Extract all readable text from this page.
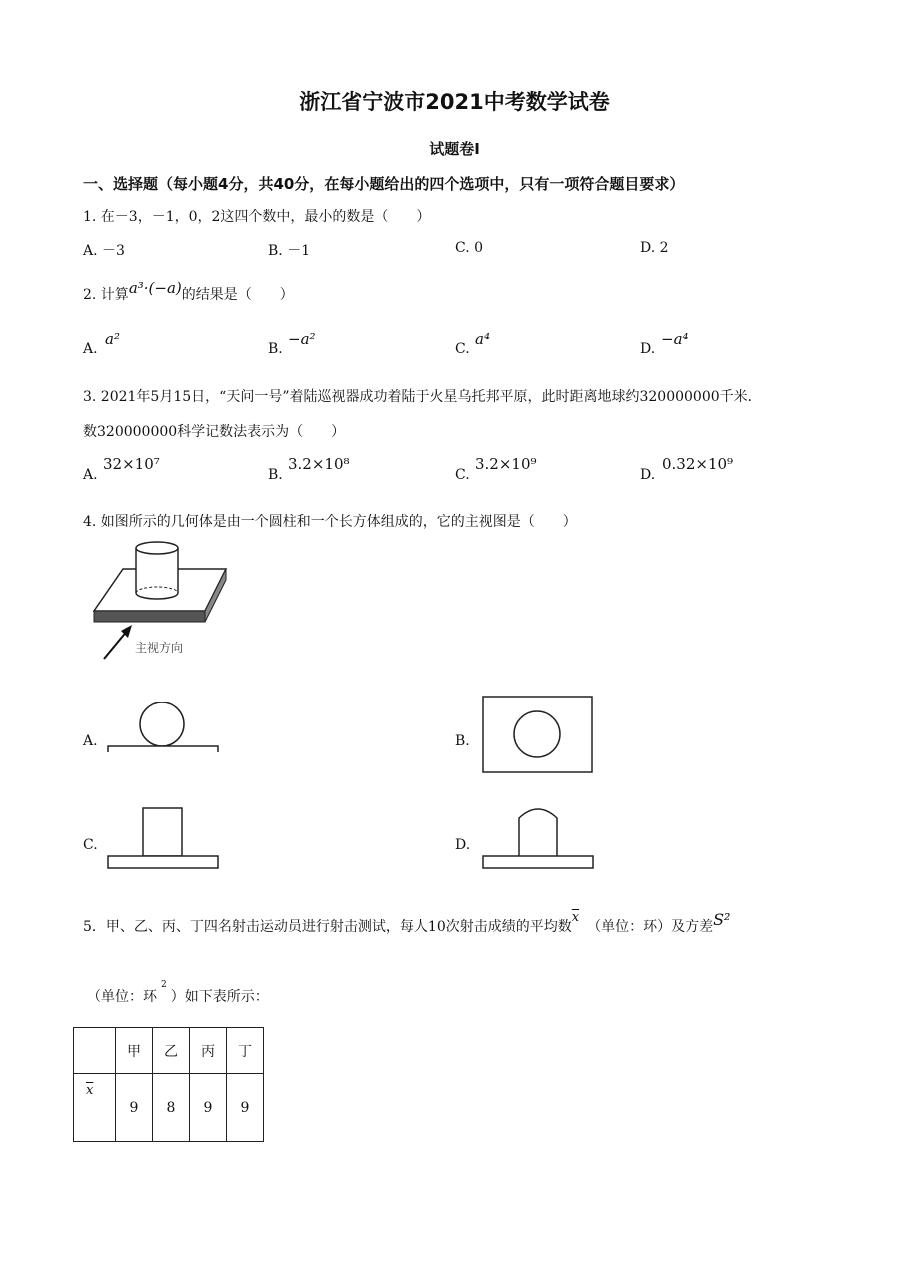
浙江省宁波市2021中考数学试卷
试题卷I
一、选择题（每小题4分，共40分，在每小题给出的四个选项中，只有一项符合题目要求）
1. 在－3，－1，0，2这四个数中，最小的数是（　　）
A. －3	B. －1	C. 0	D. 2
2. 计算a³·(−a)的结果是（　　）
A.
a²
B.
−a²
C.
a⁴
D.
−a⁴
3. 2021年5月15日，“天问一号”着陆巡视器成功着陆于火星乌托邦平原，此时距离地球约320000000千米．
数320000000科学记数法表示为（　　）
A.
32×10⁷
B.
3.2×10⁸
C.
3.2×10⁹
D.
0.32×10⁹
4. 如图所示的几何体是由一个圆柱和一个长方体组成的，它的主视图是（　　）
主视方向
A.	B.
C.	D.
5．甲、乙、丙、丁四名射击运动员进行射击测试，每人10次射击成绩的平均数$\overline{x}$（单位：环）及方差S²
（单位：环$^2$）如下表所示：
	甲	乙	丙	丁
$\overline{x}$	9	8	9	9
